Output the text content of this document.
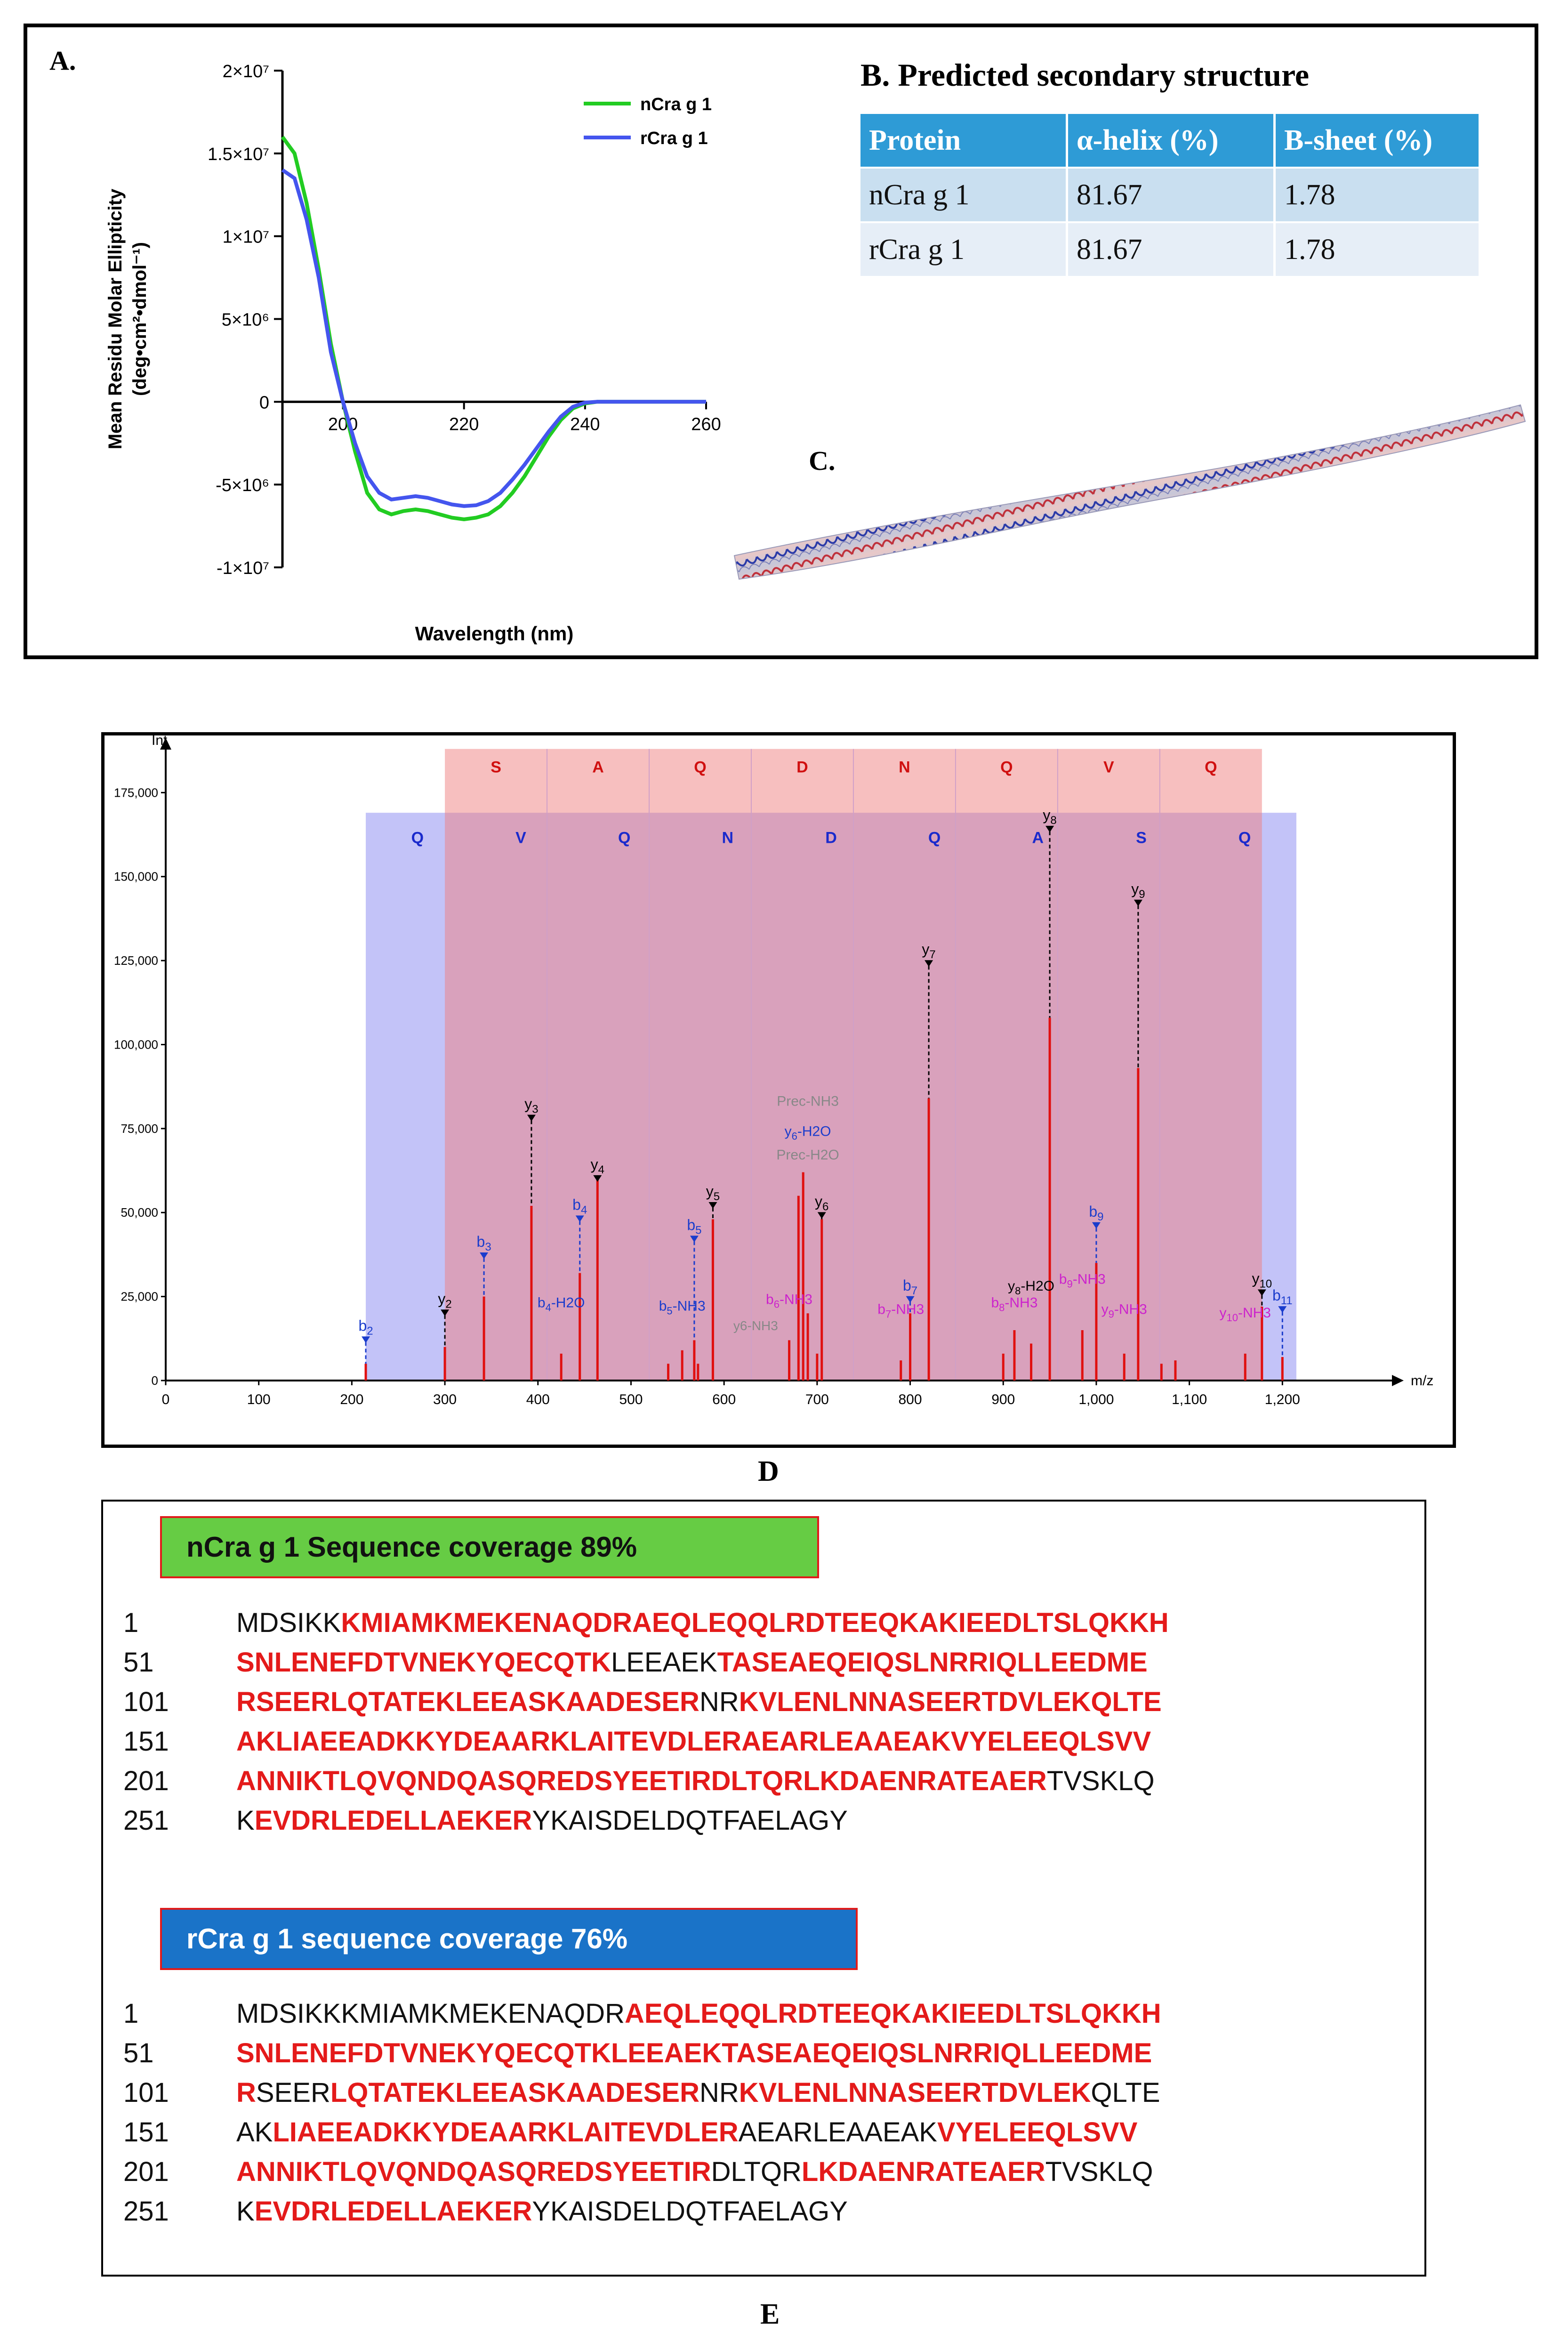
A.	2×10⁷
1.5×10⁷
1×10⁷
5×10⁶
0
-5×10⁶
-1×10⁷
200	220	240	260
Wavelength (nm)
Mean Residu Molar Ellipticity (deg•cm²•dmol⁻¹)
nCra g 1
rCra g 1
B. Predicted secondary structure
Protein	α-helix (%)	B-sheet (%)
nCra g 1	81.67	1.78
rCra g 1	81.67	1.78
C.
S	A	Q	D	N	Q	V	Q
Q	V	Q	N	D	Q	A	S	Q
Int
m/z
0
25,000
50,000
75,000
100,000
125,000
150,000
175,000
0	100	200	300	400	500	600	700	800	900	1,000	1,100	1,200
$b_2$
$y_2$
$b_3$
$y_3$
$b_4$
$y_4$
$b_5$
$y_5$	$y_6$
$b_7$
$y_7$
$y_8$
$b_9$
$y_9$
$y_{10}$
$b_{11}$
$y_6-H2O$
Prec-H2O
Prec-NH3
$y_8-H2O$ $b_9-NH3$
$y_9-NH3$	$y_{10}-NH3$
$b_4-H2O$	$b_5-NH3$	$b_6-NH3$
$b_7-NH3$	$b_8-NH3$
y6-NH3
D
nCra g 1 Sequence coverage 89%
1	MDSIKKKMIAMKMEKENAQDRAEQLEQQLRDTEEQKAKIEEDLTSLQKKH
51	SNLENEFDTVNEKYQECQTKLEEAEKTASEAEQEIQSLNRRIQLLEEDME
101 RSEERLQTATEKLEEASKAADESERNRKVLENLNNASEERTDVLEKQLTE
151 AKLIAEEADKKYDEAARKLAITEVDLERAEARLEAAEAKVYELEEQLSVV
201 ANNIKTLQVQNDQASQREDSYEETIRDLTQRLKDAENRATEAERTVSKLQ
251 KEVDRLEDELLAEKERYKAISDELDQTFAELAGY
rCra g 1 sequence coverage 76%
1	MDSIKKKMIAMKMEKENAQDRAEQLEQQLRDTEEQKAKIEEDLTSLQKKH
51	SNLENEFDTVNEKYQECQTKLEEAEKTASEAEQEIQSLNRRIQLLEEDME
101 RSEERLQTATEKLEEASKAADESERNRKVLENLNNASEERTDVLEKQLTE
151 AKLIAEEADKKYDEAARKLAITEVDLERAEARLEAAEAKVYELEEQLSVV
201 ANNIKTLQVQNDQASQREDSYEETIRDLTQRLKDAENRATEAERTVSKLQ
251 KEVDRLEDELLAEKERYKAISDELDQTFAELAGY
E
